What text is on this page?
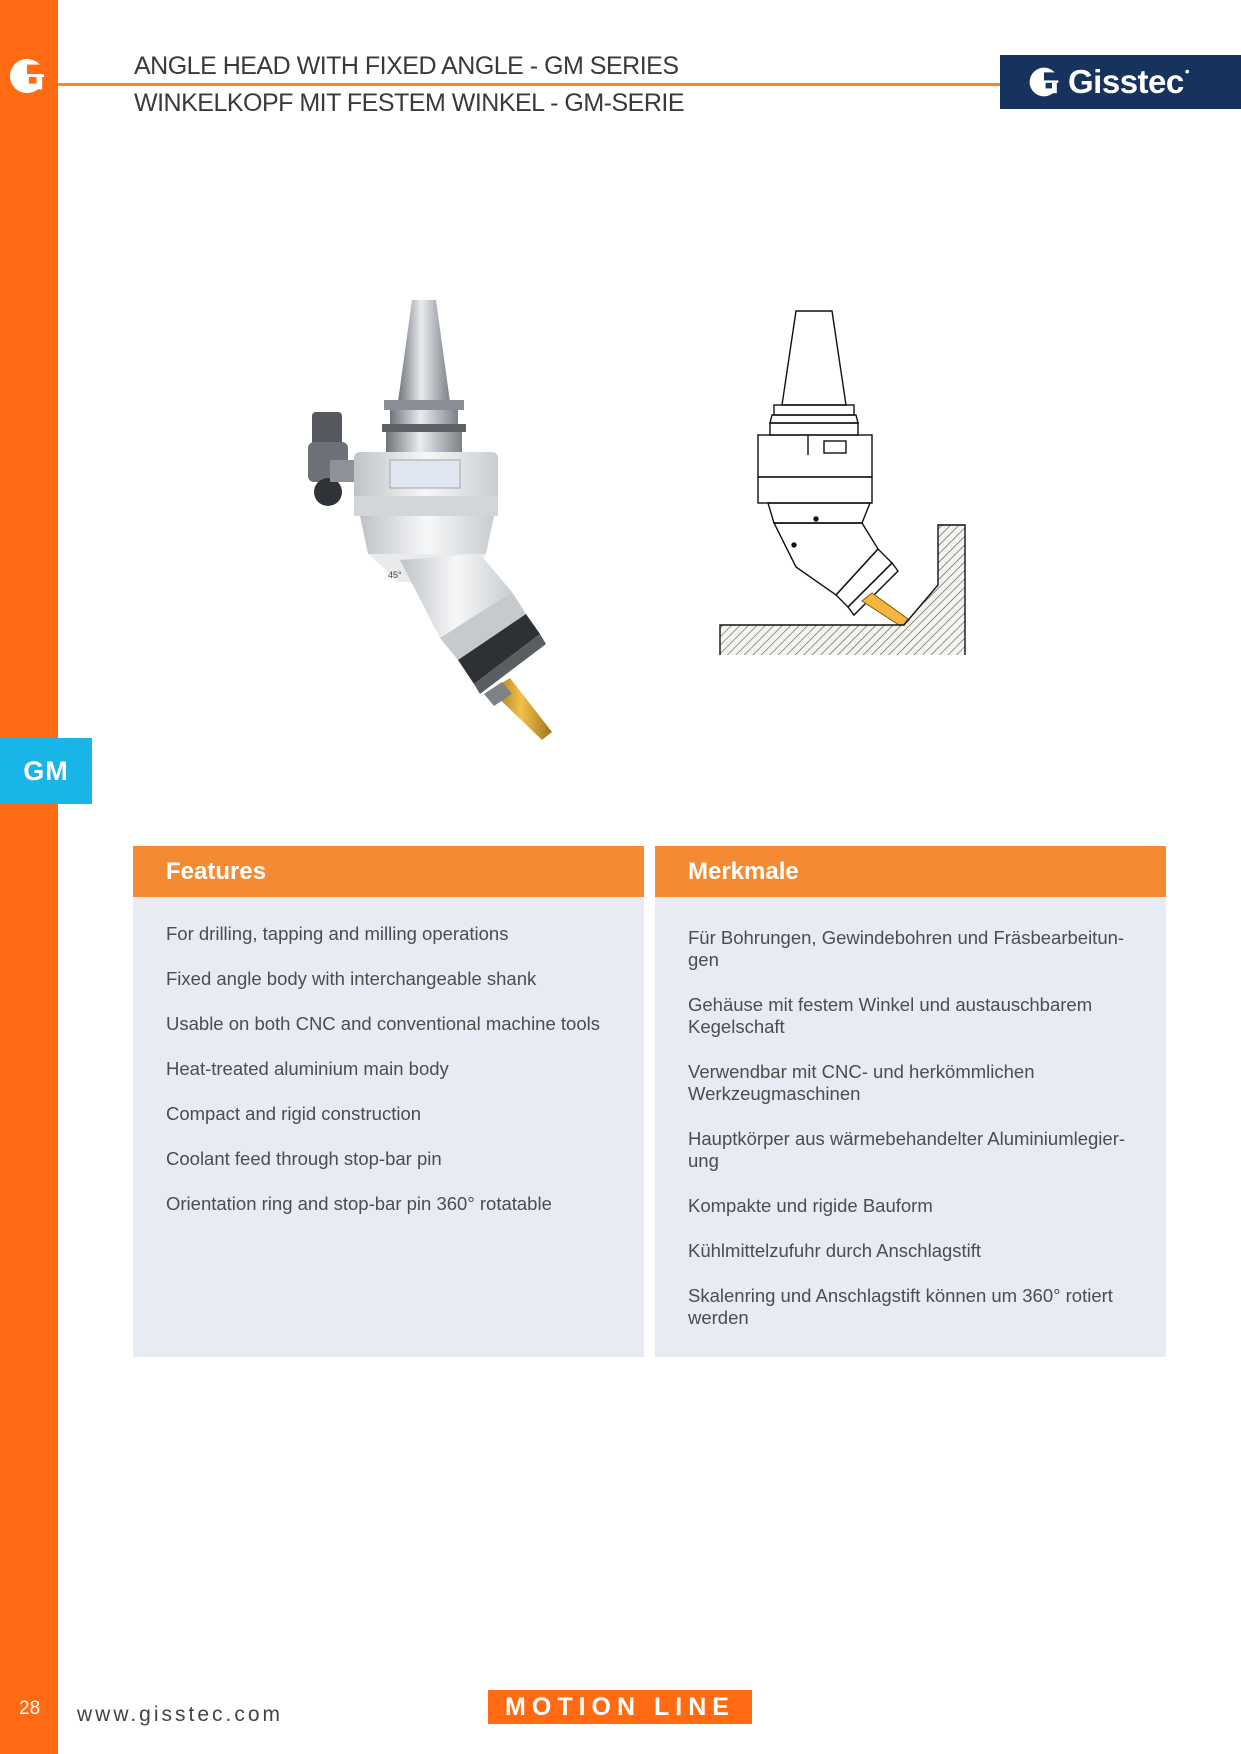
GM
ANGLE HEAD WITH FIXED ANGLE - GM SERIES
WINKELKOPF MIT FESTEM WINKEL - GM-SERIE
Gisstec •
45°
Features
For drilling, tapping and milling operations
Fixed angle body with interchangeable shank
Usable on both CNC and conventional machine tools
Heat-treated aluminium main body
Compact and rigid construction
Coolant feed through stop-bar pin
Orientation ring and stop-bar pin 360° rotatable
Merkmale
Für Bohrungen, Gewindebohren und Fräsbearbeitun-gen
Gehäuse mit festem Winkel und austauschbarem Kegelschaft
Verwendbar mit CNC- und herkömmlichen Werkzeugmaschinen
Hauptkörper aus wärmebehandelter Aluminiumlegier-ung
Kompakte und rigide Bauform
Kühlmittelzufuhr durch Anschlagstift
Skalenring und Anschlagstift können um 360° rotiert werden
28 www.gisstec.com	MOTION LINE
